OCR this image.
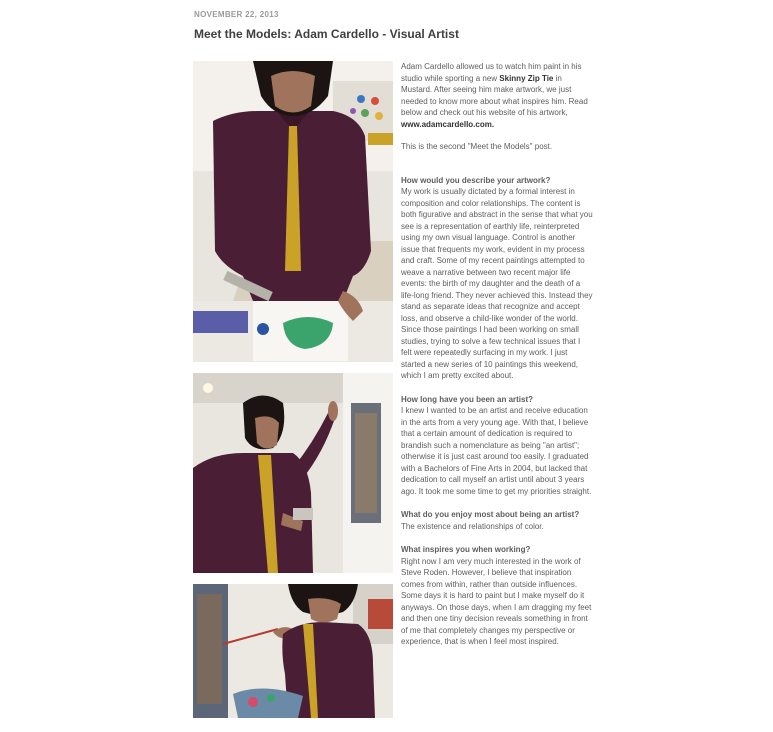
NOVEMBER 22, 2013
Meet the Models: Adam Cardello - Visual Artist

Adam Cardello allowed us to watch him paint in his studio while sporting a new Skinny Zip Tie in Mustard. After seeing him make artwork, we just needed to know more about what inspires him. Read below and check out his website of his artwork, www.adamcardello.com.

This is the second "Meet the Models" post.

How would you describe your artwork?

My work is usually dictated by a formal interest in composition and color relationships. The content is both figurative and abstract in the sense that what you see is a representation of earthly life, reinterpreted using my own visual language. Control is another issue that frequents my work, evident in my process and craft. Some of my recent paintings attempted to weave a narrative between two recent major life events: the birth of my daughter and the death of a life-long friend. They never achieved this. Instead they stand as separate ideas that recognize and accept loss, and observe a child-like wonder of the world. Since those paintings I had been working on small studies, trying to solve a few technical issues that I felt were repeatedly surfacing in my work. I just started a new series of 10 paintings this weekend, which I am pretty excited about.

How long have you been an artist?

I knew I wanted to be an artist and receive education in the arts from a very young age. With that, I believe that a certain amount of dedication is required to brandish such a nomenclature as being "an artist"; otherwise it is just cast around too easily. I graduated with a Bachelors of Fine Arts in 2004, but lacked that dedication to call myself an artist until about 3 years ago. It took me some time to get my priorities straight.

What do you enjoy most about being an artist?

The existence and relationships of color.

What inspires you when working?

Right now I am very much interested in the work of Steve Roden. However, I believe that inspiration comes from within, rather than outside influences. Some days it is hard to paint but I make myself do it anyways. On those days, when I am dragging my feet and then one tiny decision reveals something in front of me that completely changes my perspective or experience, that is when I feel most inspired.
